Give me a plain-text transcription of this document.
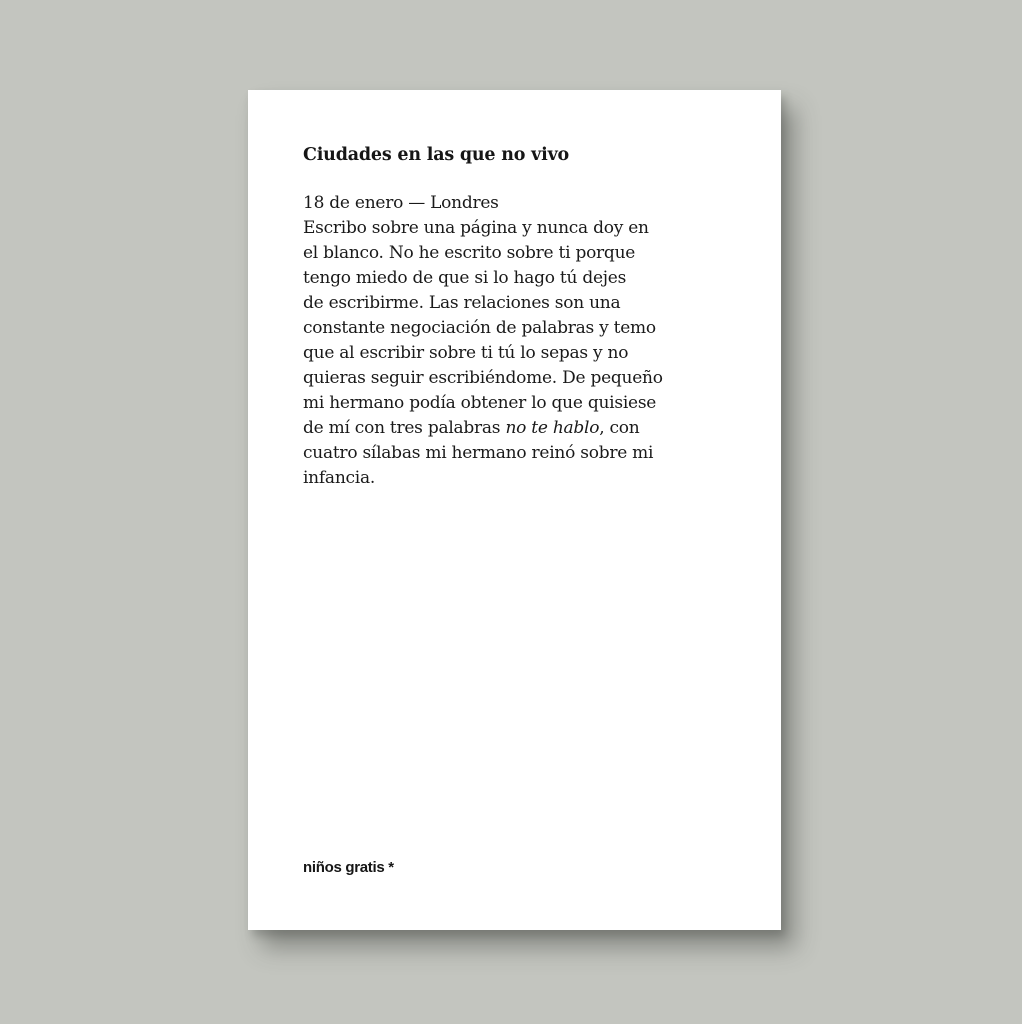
Ciudades en las que no vivo

18 de enero — Londres

Escribo sobre una página y nunca doy en
el blanco. No he escrito sobre ti porque
tengo miedo de que si lo hago tú dejes
de escribirme. Las relaciones son una
constante negociación de palabras y temo
que al escribir sobre ti tú lo sepas y no
quieras seguir escribiéndome. De pequeño
mi hermano podía obtener lo que quisiese
de mí con tres palabras no te hablo, con
cuatro sílabas mi hermano reinó sobre mi
infancia.

niños gratis *
